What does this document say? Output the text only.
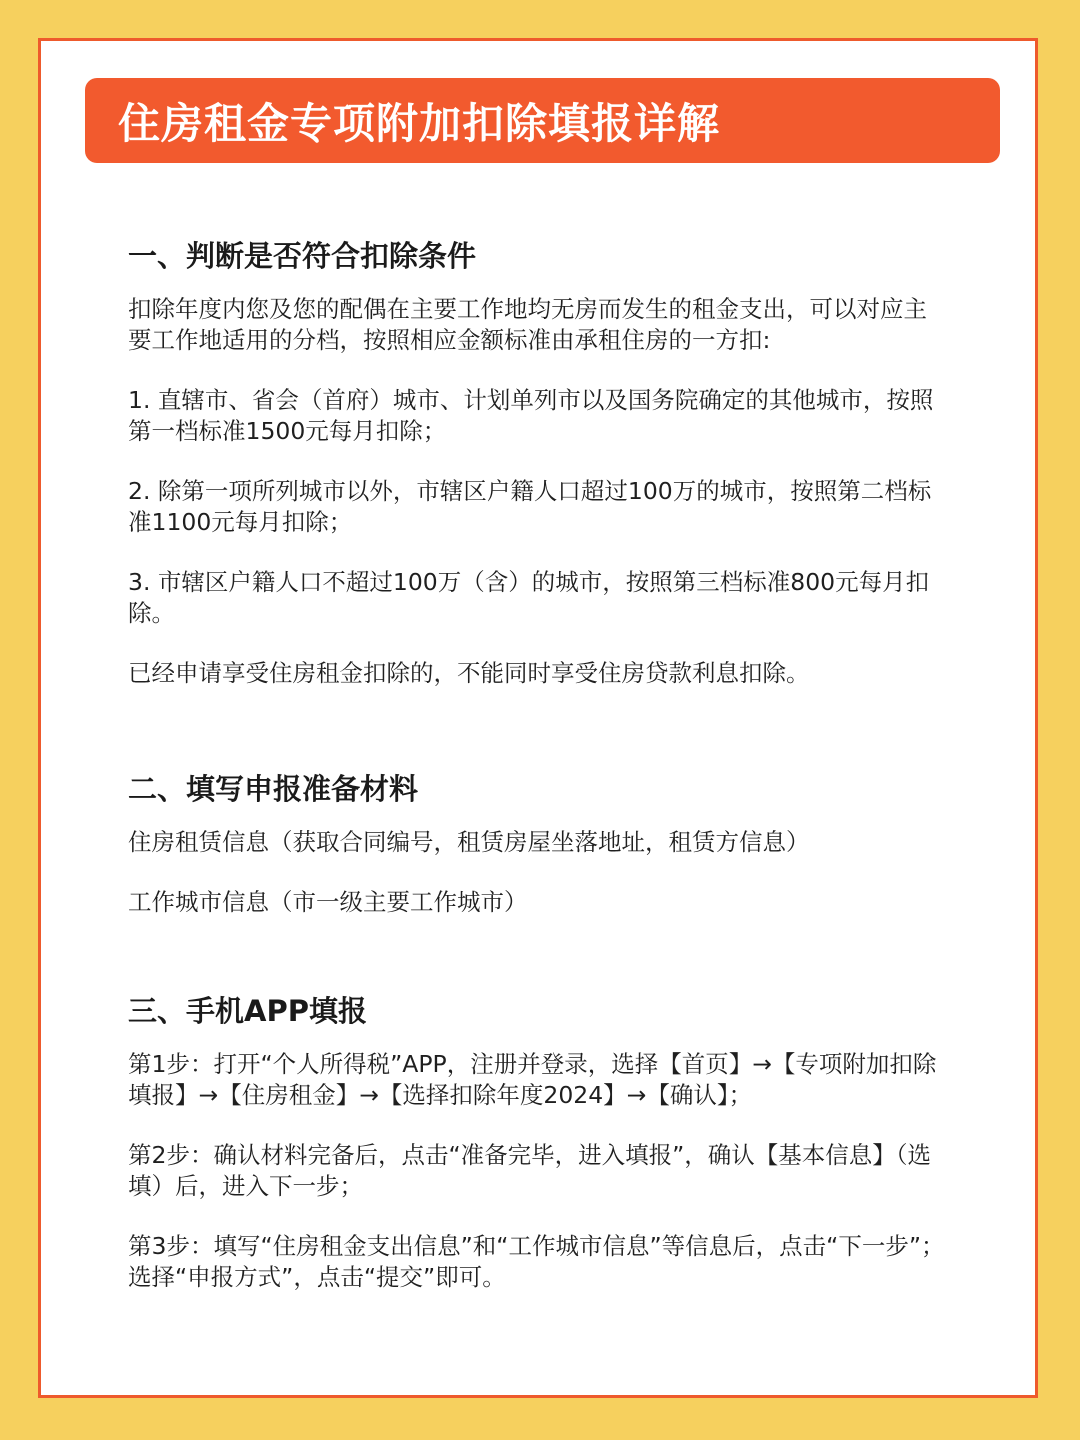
住房租金专项附加扣除填报详解
一、判断是否符合扣除条件

扣除年度内您及您的配偶在主要工作地均无房而发生的租金支出，可以对应主要工作地适用的分档，按照相应金额标准由承租住房的一方扣:

1. 直辖市、省会（首府）城市、计划单列市以及国务院确定的其他城市，按照第一档标准1500元每月扣除；

2. 除第一项所列城市以外，市辖区户籍人口超过100万的城市，按照第二档标准1100元每月扣除；

3. 市辖区户籍人口不超过100万（含）的城市，按照第三档标准800元每月扣除。

已经申请享受住房租金扣除的，不能同时享受住房贷款利息扣除。

二、填写申报准备材料

住房租赁信息（获取合同编号，租赁房屋坐落地址，租赁方信息）

工作城市信息（市一级主要工作城市）

三、手机APP填报

第1步：打开“个人所得税”APP，注册并登录，选择【首页】→【专项附加扣除填报】→【住房租金】→【选择扣除年度2024】→【确认】；

第2步：确认材料完备后，点击“准备完毕，进入填报”，确认【基本信息】（选填）后，进入下一步；

第3步：填写“住房租金支出信息”和“工作城市信息”等信息后，点击“下一步”；选择“申报方式”，点击“提交”即可。
